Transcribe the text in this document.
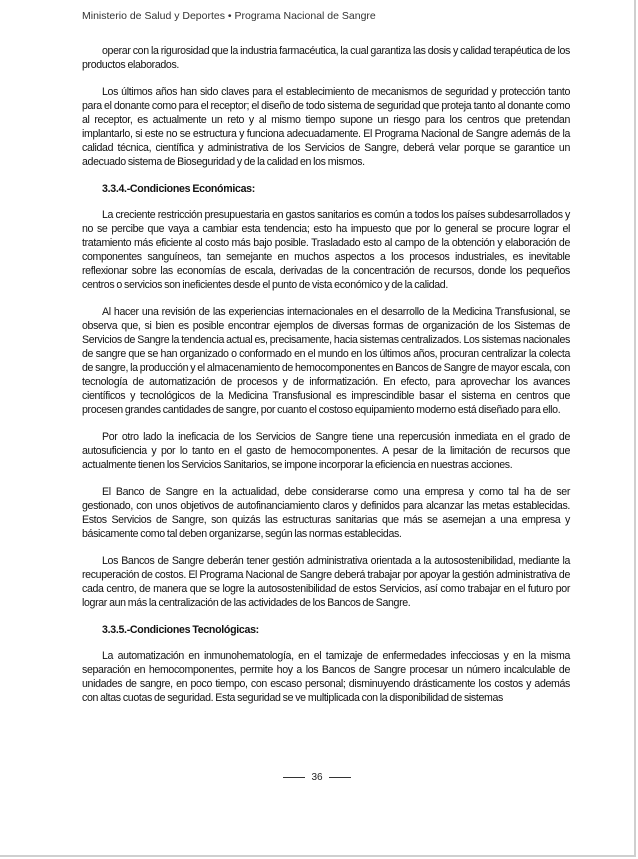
Ministerio de Salud y Deportes • Programa Nacional de Sangre

operar con la rigurosidad que la industria farmacéutica, la cual garantiza las dosis y calidad terapéutica de los productos elaborados.

Los últimos años han sido claves para el establecimiento de mecanismos de seguridad y protección tanto para el donante como para el receptor; el diseño de todo sistema de seguridad que proteja tanto al donante como al receptor, es actualmente un reto y al mismo tiempo supone un riesgo para los centros que pretendan implantarlo, si este no se estructura y funciona adecuadamente. El Programa Nacional de Sangre además de la calidad técnica, científica y administrativa de los Servicios de Sangre, deberá velar porque se garantice un adecuado sistema de Bioseguridad y de la calidad en los mismos.

3.3.4.-Condiciones Económicas:

La creciente restricción presupuestaria en gastos sanitarios es común a todos los países subdesarrollados y no se percibe que vaya a cambiar esta tendencia; esto ha impuesto que por lo general se procure lograr el tratamiento más eficiente al costo más bajo posible. Trasladado esto al campo de la obtención y elaboración de componentes sanguíneos, tan semejante en muchos aspectos a los procesos industriales, es inevitable reflexionar sobre las economías de escala, derivadas de la concentración de recursos, donde los pequeños centros o servicios son ineficientes desde el punto de vista económico y de la calidad.

Al hacer una revisión de las experiencias internacionales en el desarrollo de la Medicina Transfusional, se observa que, si bien es posible encontrar ejemplos de diversas formas de organización de los Sistemas de Servicios de Sangre la tendencia actual es, precisamente, hacia sistemas centralizados. Los sistemas nacionales de sangre que se han organizado o conformado en el mundo en los últimos años, procuran centralizar la colecta de sangre, la producción y el almacenamiento de hemocomponentes en Bancos de Sangre de mayor escala, con tecnología de automatización de procesos y de informatización. En efecto, para aprovechar los avances científicos y tecnológicos de la Medicina Transfusional es imprescindible basar el sistema en centros que procesen grandes cantidades de sangre, por cuanto el costoso equipamiento moderno está diseñado para ello.

Por otro lado la ineficacia de los Servicios de Sangre tiene una repercusión inmediata en el grado de autosuficiencia y por lo tanto en el gasto de hemocomponentes. A pesar de la limitación de recursos que actualmente tienen los Servicios Sanitarios, se impone incorporar la eficiencia en nuestras acciones.

El Banco de Sangre en la actualidad, debe considerarse como una empresa y como tal ha de ser gestionado, con unos objetivos de autofinanciamiento claros y definidos para alcanzar las metas establecidas. Estos Servicios de Sangre, son quizás las estructuras sanitarias que más se asemejan a una empresa y básicamente como tal deben organizarse, según las normas establecidas.

Los Bancos de Sangre deberán tener gestión administrativa orientada a la autosostenibilidad, mediante la recuperación de costos. El Programa Nacional de Sangre deberá trabajar por apoyar la gestión administrativa de cada centro, de manera que se logre la autosostenibilidad de estos Servicios, así como trabajar en el futuro por lograr aun más la centralización de las actividades de los Bancos de Sangre.

3.3.5.-Condiciones Tecnológicas:

La automatización en inmunohematología, en el tamizaje de enfermedades infecciosas y en la misma separación en hemocomponentes, permite hoy a los Bancos de Sangre procesar un número incalculable de unidades de sangre, en poco tiempo, con escaso personal; disminuyendo drásticamente los costos y además con altas cuotas de seguridad. Esta seguridad se ve multiplicada con la disponibilidad de sistemas

36
